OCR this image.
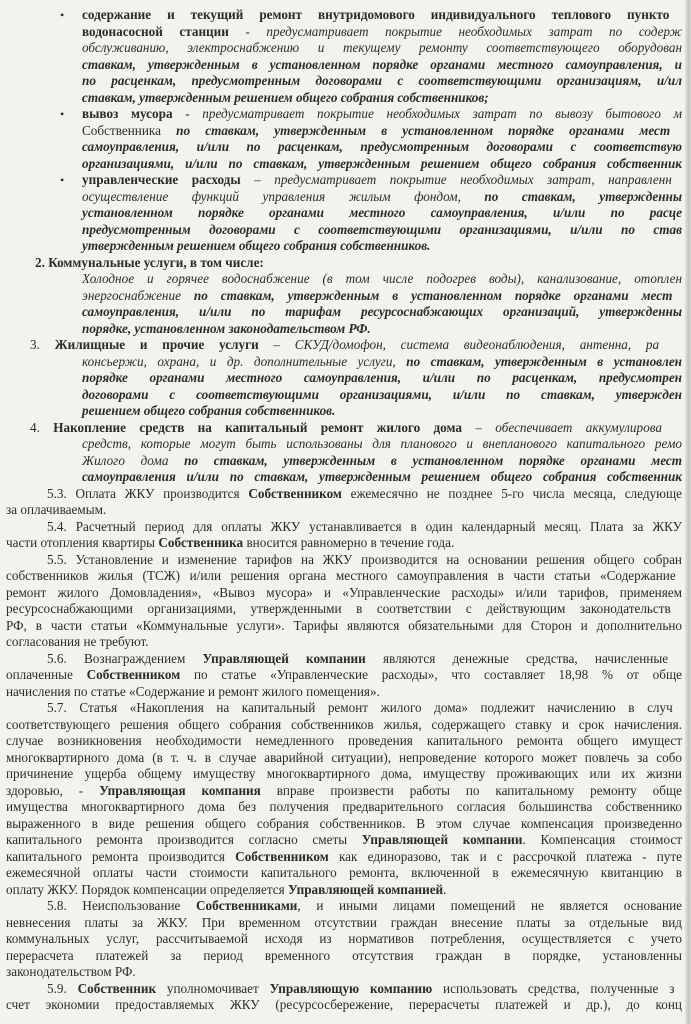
• содержание и текущий ремонт внутридомового индивидуального теплового пункто
водонасосной станции - предусматривает покрытие необходимых затрат по содерж
обслуживанию, электроснабжению и текущему ремонту соответствующего оборудован
ставкам, утвержденным в установленном порядке органами местного самоуправления, и
по расценкам, предусмотренным договорами с соответствующими организациям, и/ил
ставкам, утвержденным решением общего собрания собственников;
• вывоз мусора - предусматривает покрытие необходимых затрат по вывозу бытового м
Собственника по ставкам, утвержденным в установленном порядке органами мест
самоуправления, и/или по расценкам, предусмотренным договорами с соответствую
организациями, и/или по ставкам, утвержденным решением общего собрания собственник
• управленческие расходы – предусматривает покрытие необходимых затрат, направленн
осуществление функций управления жилым фондом, по ставкам, утвержденны
установленном порядке органами местного самоуправления, и/или по расце
предусмотренным договорами с соответствующими организациями, и/или по став
утвержденным решением общего собрания собственников.
2. Коммунальные услуги, в том числе:
Холодное и горячее водоснабжение (в том числе подогрев воды), канализование, отоплен
энергоснабжение по ставкам, утвержденным в установленном порядке органами мест
самоуправления, и/или по тарифам ресурсоснабжающих организаций, утвержденны
порядке, установленном законодательством РФ.
3. Жилищные и прочие услуги – СКУД/домофон, система видеонаблюдения, антенна, ра
консьержи, охрана, и др. дополнительные услуги, по ставкам, утвержденным в установлен
порядке органами местного самоуправления, и/или по расценкам, предусмотрен
договорами с соответствующими организациями, и/или по ставкам, утвержден
решением общего собрания собственников.
4. Накопление средств на капитальный ремонт жилого дома – обеспечивает аккумулирова
средств, которые могут быть использованы для планового и внепланового капитального ремо
Жилого дома по ставкам, утвержденным в установленном порядке органами мест
самоуправления и/или по ставкам, утвержденным решением общего собрания собственник
5.3. Оплата ЖКУ производится Собственником ежемесячно не позднее 5-го числа месяца, следующе
за оплачиваемым.
5.4. Расчетный период для оплаты ЖКУ устанавливается в один календарный месяц. Плата за ЖКУ
части отопления квартиры Собственника вносится равномерно в течение года.
5.5. Установление и изменение тарифов на ЖКУ производится на основании решения общего собран
собственников жилья (ТСЖ) и/или решения органа местного самоуправления в части статьи «Содержание
ремонт жилого Домовладения», «Вывоз мусора» и «Управленческие расходы» и/или тарифов, применяем
ресурсоснабжающими организациями, утвержденными в соответствии с действующим законодательств
РФ, в части статьи «Коммунальные услуги». Тарифы являются обязательными для Сторон и дополнительно
согласования не требуют.
5.6. Вознаграждением Управляющей компании являются денежные средства, начисленные
оплаченные Собственником по статье «Управленческие расходы», что составляет 18,98 % от обще
начисления по статье «Содержание и ремонт жилого помещения».
5.7. Статья «Накопления на капитальный ремонт жилого дома» подлежит начислению в случ
соответствующего решения общего собрания собственников жилья, содержащего ставку и срок начисления.
случае возникновения необходимости немедленного проведения капитального ремонта общего имущест
многоквартирного дома (в т. ч. в случае аварийной ситуации), непроведение которого может повлечь за собо
причинение ущерба общему имуществу многоквартирного дома, имуществу проживающих или их жизни
здоровью, - Управляющая компания вправе произвести работы по капитальному ремонту обще
имущества многоквартирного дома без получения предварительного согласия большинства собственнико
выраженного в виде решения общего собрания собственников. В этом случае компенсация произведенно
капитального ремонта производится согласно сметы Управляющей компании. Компенсация стоимост
капитального ремонта производится Собственником как единоразово, так и с рассрочкой платежа - путе
ежемесячной оплаты части стоимости капитального ремонта, включенной в ежемесячную квитанцию в
оплату ЖКУ. Порядок компенсации определяется Управляющей компанией.
5.8. Неиспользование Собственниками, и иными лицами помещений не является основание
невнесения платы за ЖКУ. При временном отсутствии граждан внесение платы за отдельные вид
коммунальных услуг, рассчитываемой исходя из нормативов потребления, осуществляется с учето
перерасчета платежей за период временного отсутствия граждан в порядке, установленны
законодательством РФ.
5.9. Собственник уполномочивает Управляющую компанию использовать средства, полученные з
счет экономии предоставляемых ЖКУ (ресурсосбережение, перерасчеты платежей и др.), до конц
